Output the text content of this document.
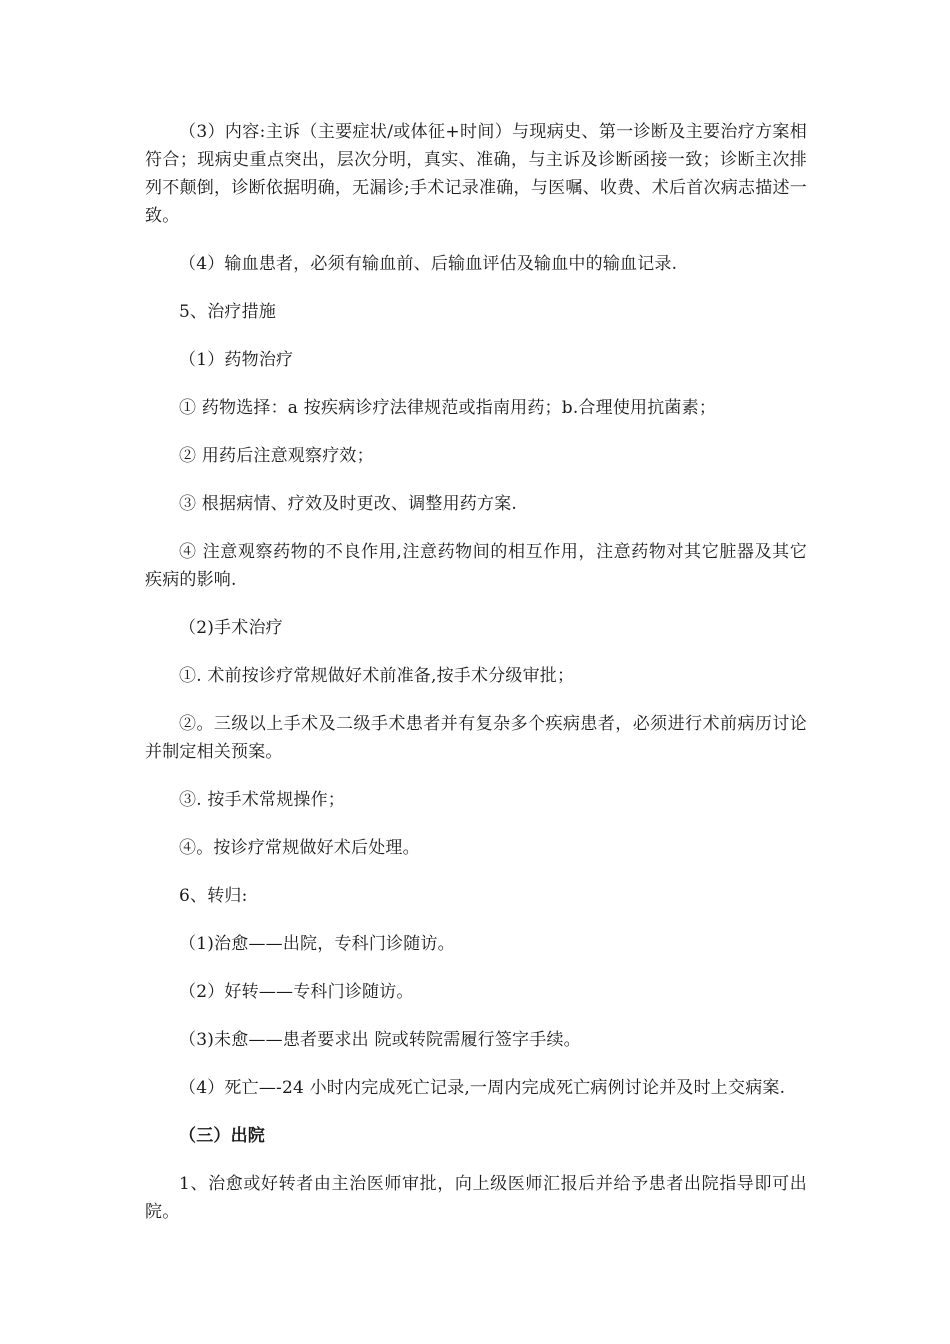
（3）内容:主诉（主要症状/或体征+时间）与现病史、第一诊断及主要治疗方案相符合；现病史重点突出，层次分明，真实、准确，与主诉及诊断函接一致；诊断主次排列不颠倒，诊断依据明确，无漏诊;手术记录准确，与医嘱、收费、术后首次病志描述一致。

（4）输血患者，必须有输血前、后输血评估及输血中的输血记录.

5、治疗措施

（1）药物治疗

① 药物选择：a 按疾病诊疗法律规范或指南用药；b.合理使用抗菌素；

② 用药后注意观察疗效；

③ 根据病情、疗效及时更改、调整用药方案.

④ 注意观察药物的不良作用,注意药物间的相互作用，注意药物对其它脏器及其它疾病的影响.

（2)手术治疗

①. 术前按诊疗常规做好术前准备,按手术分级审批；

②。三级以上手术及二级手术患者并有复杂多个疾病患者，必须进行术前病历讨论并制定相关预案。

③. 按手术常规操作；

④。按诊疗常规做好术后处理。

6、转归:

（1)治愈——出院，专科门诊随访。

（2）好转——专科门诊随访。

（3)未愈——患者要求出 院或转院需履行签字手续。

（4）死亡—-24 小时内完成死亡记录,一周内完成死亡病例讨论并及时上交病案.

（三）出院

1、治愈或好转者由主治医师审批，向上级医师汇报后并给予患者出院指导即可出院。
